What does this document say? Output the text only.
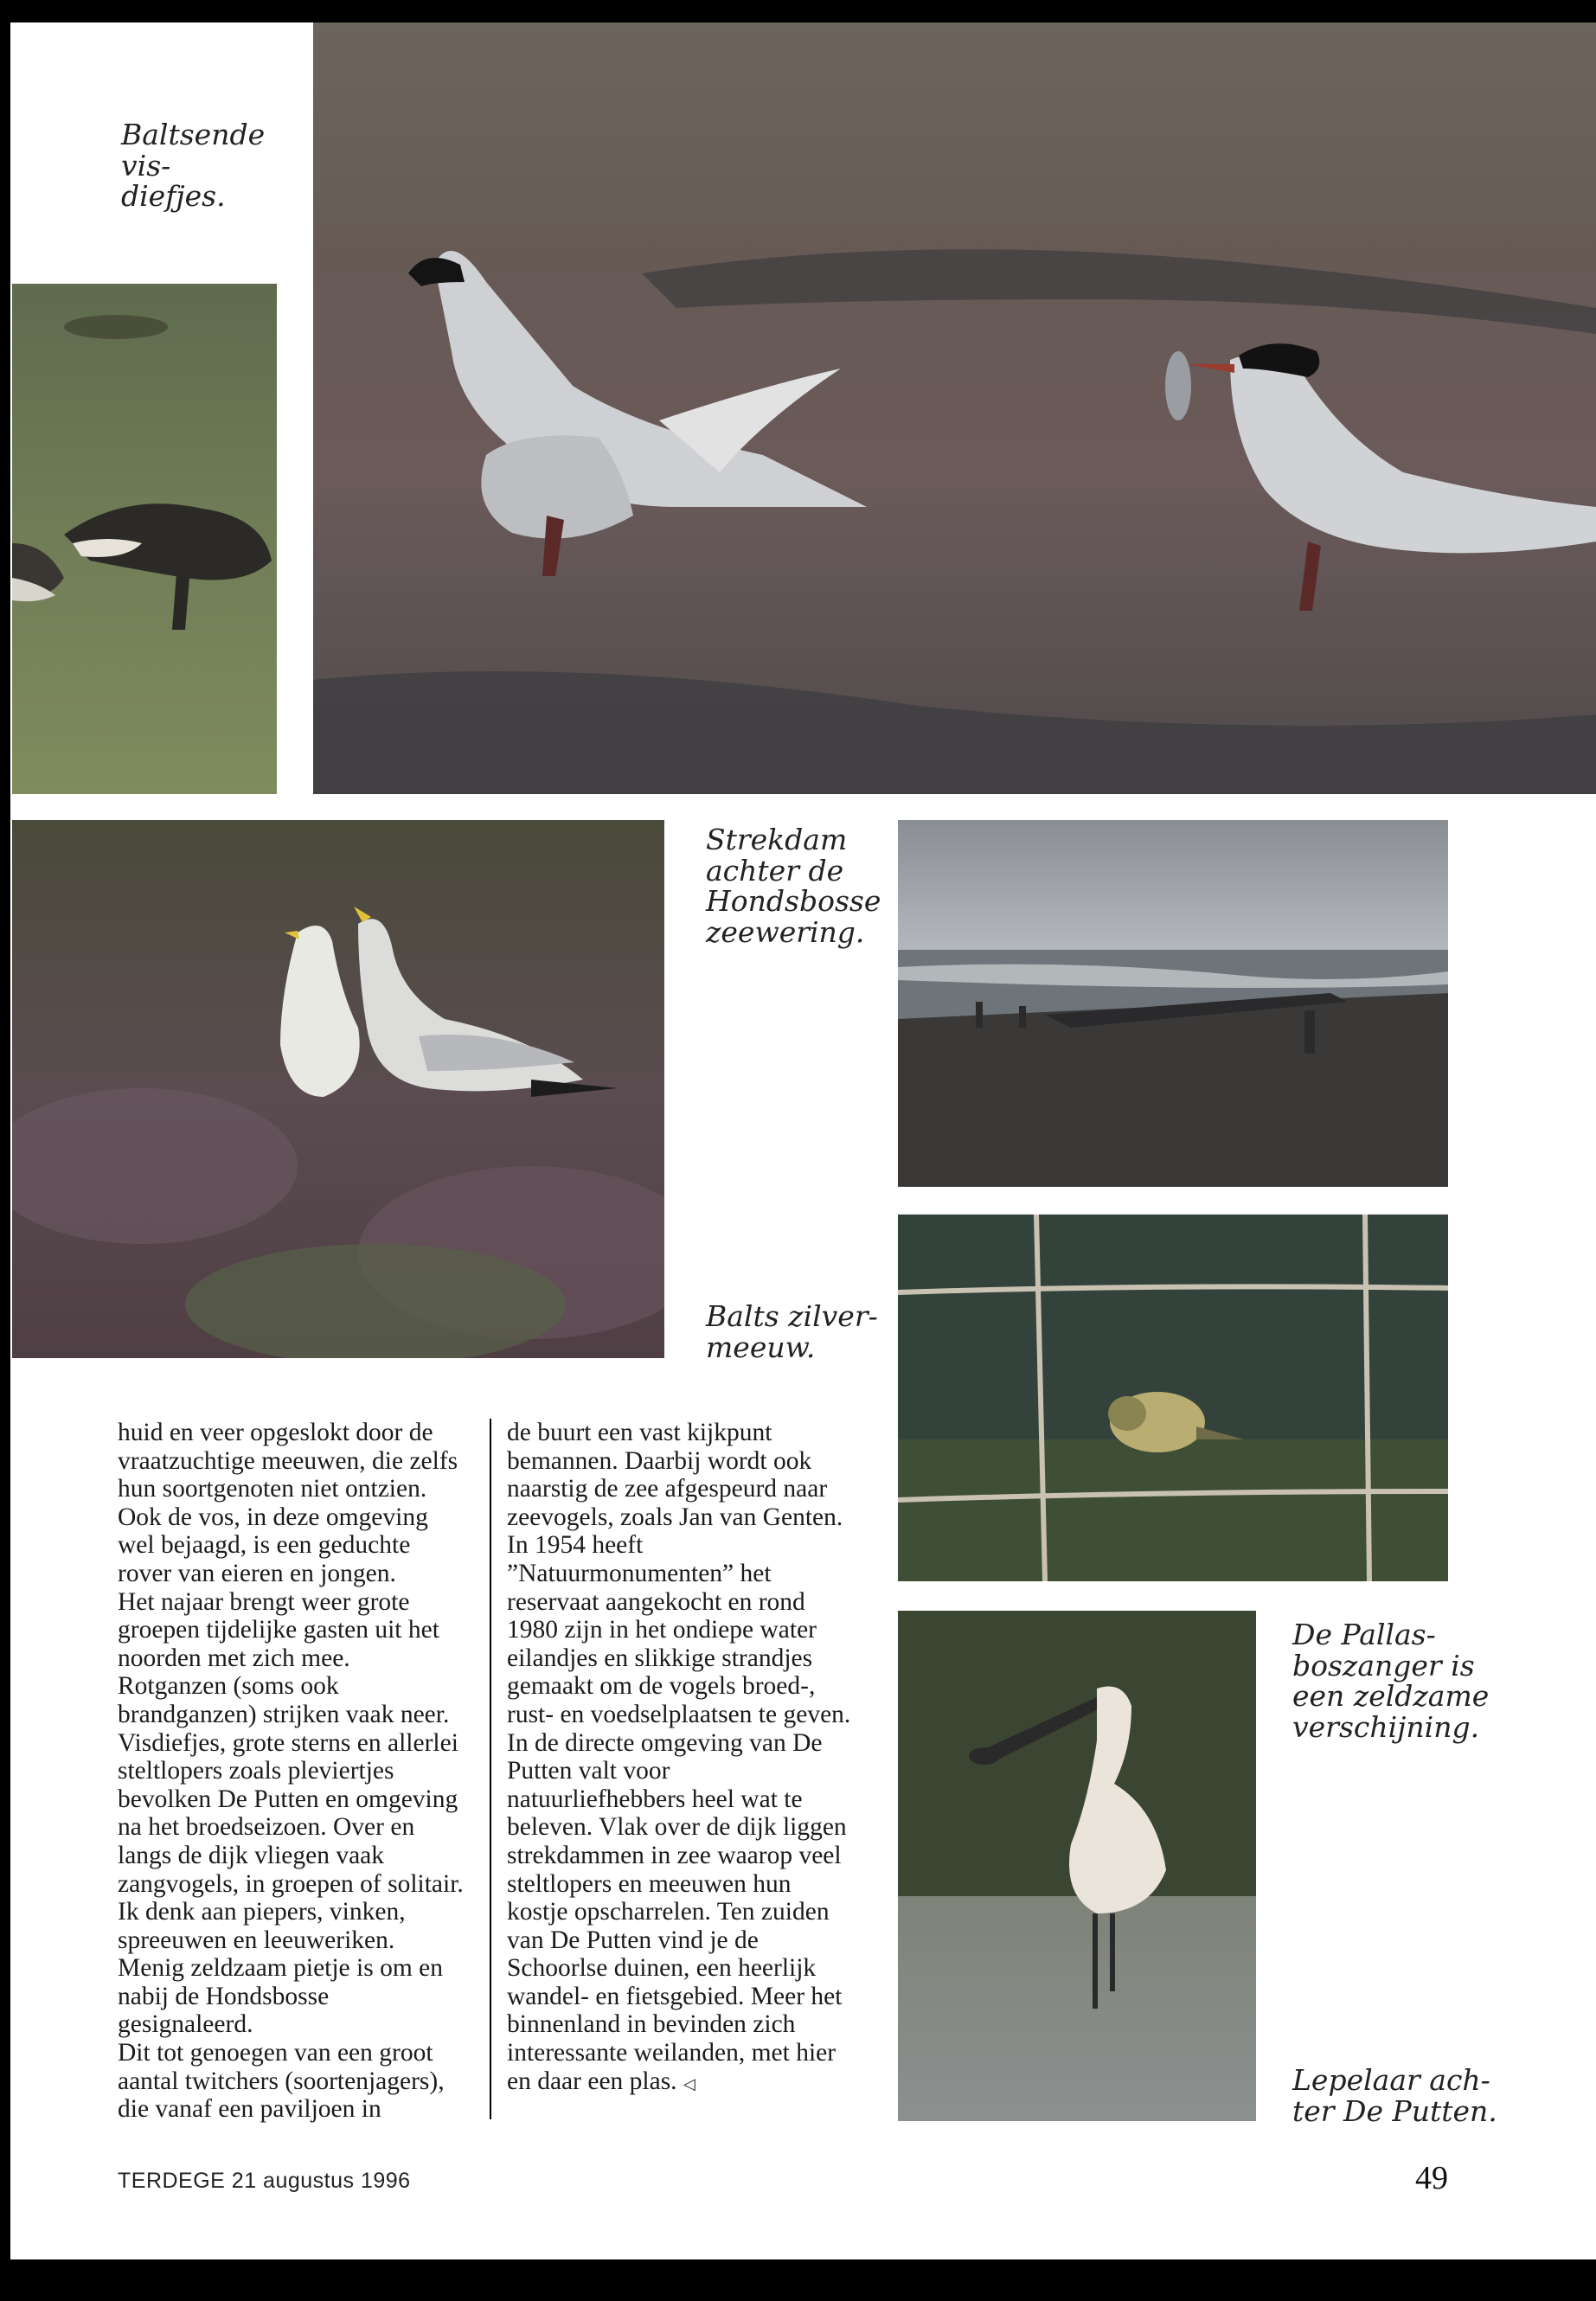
Baltsende vis-
diefjes.
Strekdam
achter de
Hondsbosse
zeewering.
Balts zilver-
meeuw.
De Pallas-
boszanger is
een zeldzame
verschijning.
Lepelaar ach-
ter De Putten.

huid en veer opgeslokt door de vraatzuchtige meeuwen, die zelfs hun soortgenoten niet ontzien. Ook de vos, in deze omgeving wel bejaagd, is een geduchte rover van eieren en jongen.

Het najaar brengt weer grote groepen tijdelijke gasten uit het noorden met zich mee. Rotganzen (soms ook brandganzen) strijken vaak neer. Visdiefjes, grote sterns en allerlei steltlopers zoals pleviertjes bevolken De Putten en omgeving na het broedseizoen. Over en langs de dijk vliegen vaak zangvogels, in groepen of solitair. Ik denk aan piepers, vinken, spreeuwen en leeuweriken. Menig zeldzaam pietje is om en nabij de Hondsbosse gesignaleerd.

Dit tot genoegen van een groot aantal twitchers (soortenjagers), die vanaf een paviljoen in

de buurt een vast kijkpunt bemannen. Daarbij wordt ook naarstig de zee afgespeurd naar zeevogels, zoals Jan van Genten. In 1954 heeft ”Natuurmonumenten” het reservaat aangekocht en rond 1980 zijn in het ondiepe water eilandjes en slikkige strandjes gemaakt om de vogels broed-, rust- en voedselplaatsen te geven.

In de directe omgeving van De Putten valt voor natuurliefhebbers heel wat te beleven. Vlak over de dijk liggen strekdammen in zee waarop veel steltlopers en meeuwen hun kostje opscharrelen. Ten zuiden van De Putten vind je de Schoorlse duinen, een heerlijk wandel- en fietsgebied. Meer het binnenland in bevinden zich interessante weilanden, met hier en daar een plas. ◁

TERDEGE 21 augustus 1996	49
